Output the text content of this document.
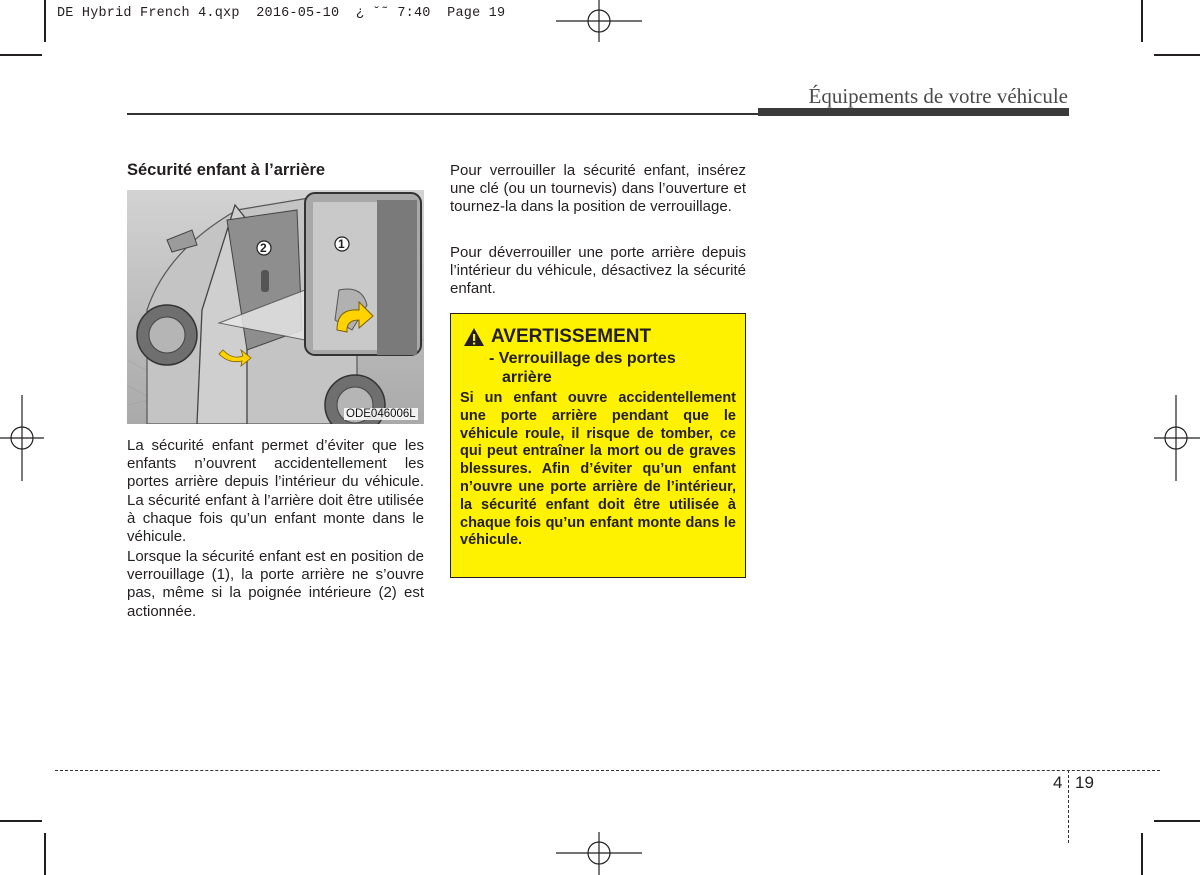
DE Hybrid French 4.qxp  2016-05-10  ¿ ˘˜ 7:40  Page 19
Équipements de votre véhicule
Sécurité enfant à l’arrière
2	1
ODE046006L

La sécurité enfant permet d’éviter que les enfants n’ouvrent accidentellement les portes arrière depuis l’intérieur du véhicule. La sécurité enfant à l’arrière doit être utilisée à chaque fois qu’un enfant monte dans le véhicule.

Lorsque la sécurité enfant est en position de verrouillage (1), la porte arrière ne s’ouvre pas, même si la poignée intérieure (2) est actionnée.

Pour verrouiller la sécurité enfant, insérez une clé (ou un tournevis) dans l’ouverture et tournez-la dans la position de verrouillage.

Pour déverrouiller une porte arrière depuis l’intérieur du véhicule, désactivez la sécurité enfant.

AVERTISSEMENT
- Verrouillage des portes
arrière

Si un enfant ouvre accidentellement une porte arrière pendant que le véhicule roule, il risque de tomber, ce qui peut entraîner la mort ou de graves blessures. Afin d’éviter qu’un enfant n’ouvre une porte arrière de l’intérieur, la sécurité enfant doit être utilisée à chaque fois qu’un enfant monte dans le véhicule.

4 19
